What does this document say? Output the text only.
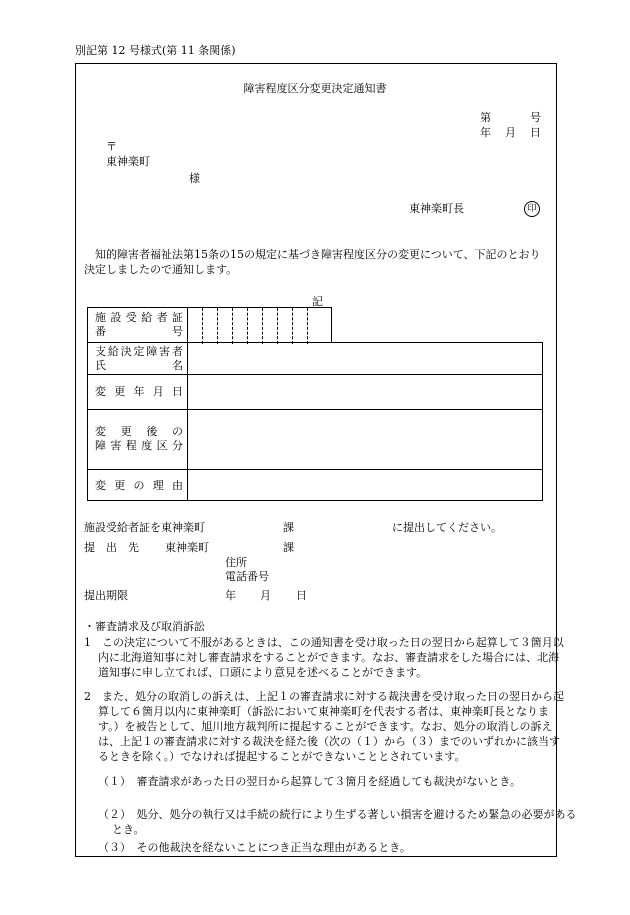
別記第 12 号様式(第 11 条関係)
障害程度区分変更決定通知書
第	号
年 月 日
〒
東神楽町
様
東神楽町長	印
知的障害者福祉法第15条の15の規定に基づき障害程度区分の変更について、下記のとおり決定しましたので通知します。
記
施設受給者証
番　　　号
支給決定障害者
氏　　　名
変更年月日
変　更　後　の
障害程度区分
変更の理由
施設受給者証を東神楽町	課	に提出してください。
提　出　先 東神楽町	課
住所
電話番号
提出期限	年 月 日
・審査請求及び取消訴訟
1　この決定について不服があるときは、この通知書を受け取った日の翌日から起算して３箇月以内に北海道知事に対し審査請求をすることができます。なお、審査請求をした場合には、北海道知事に申し立てれば、口頭により意見を述べることができます。
2　また、処分の取消しの訴えは、上記１の審査請求に対する裁決書を受け取った日の翌日から起算して６箇月以内に東神楽町（訴訟において東神楽町を代表する者は、東神楽町長となります。）を被告として、旭川地方裁判所に提起することができます。なお、処分の取消しの訴えは、上記１の審査請求に対する裁決を経た後（次の（１）から（３）までのいずれかに該当するときを除く。）でなければ提起することができないこととされています。
（１）　審査請求があった日の翌日から起算して３箇月を経過しても裁決がないとき。
（２）　処分、処分の執行又は手続の続行により生ずる著しい損害を避けるため緊急の必要があるとき。
（３）　その他裁決を経ないことにつき正当な理由があるとき。
